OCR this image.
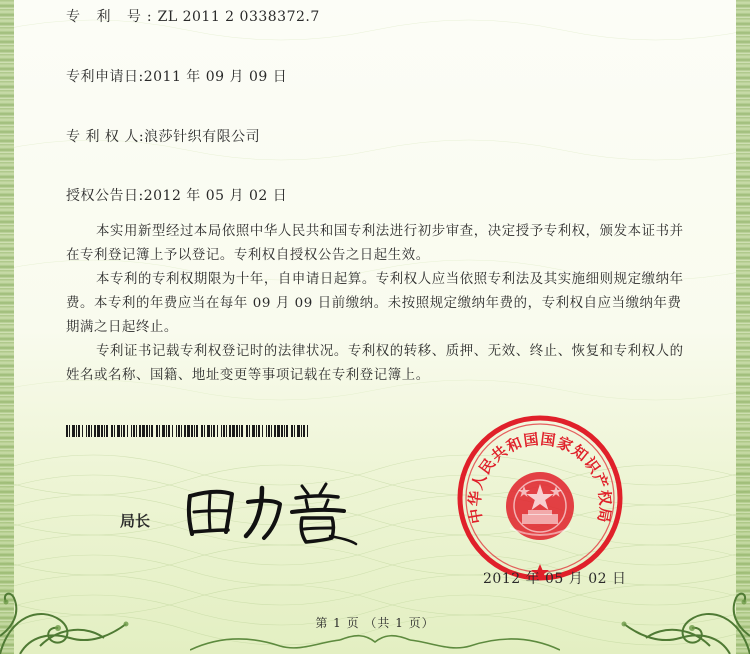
专 利 号:ZL 2011 2 0338372.7
专利申请日:2011 年 09 月 09 日
专 利 权 人:浪莎针织有限公司
授权公告日:2012 年 05 月 02 日
本实用新型经过本局依照中华人民共和国专利法进行初步审查，决定授予专利权，颁发本证书并在专利登记簿上予以登记。专利权自授权公告之日起生效。
本专利的专利权期限为十年，自申请日起算。专利权人应当依照专利法及其实施细则规定缴纳年费。本专利的年费应当在每年 09 月 09 日前缴纳。未按照规定缴纳年费的，专利权自应当缴纳年费期满之日起终止。
专利证书记载专利权登记时的法律状况。专利权的转移、质押、无效、终止、恢复和专利权人的姓名或名称、国籍、地址变更等事项记载在专利登记簿上。
局长	中华人民共和国国家知识产权局
2012 年 05 月 02 日
第 1 页 （共 1 页）
